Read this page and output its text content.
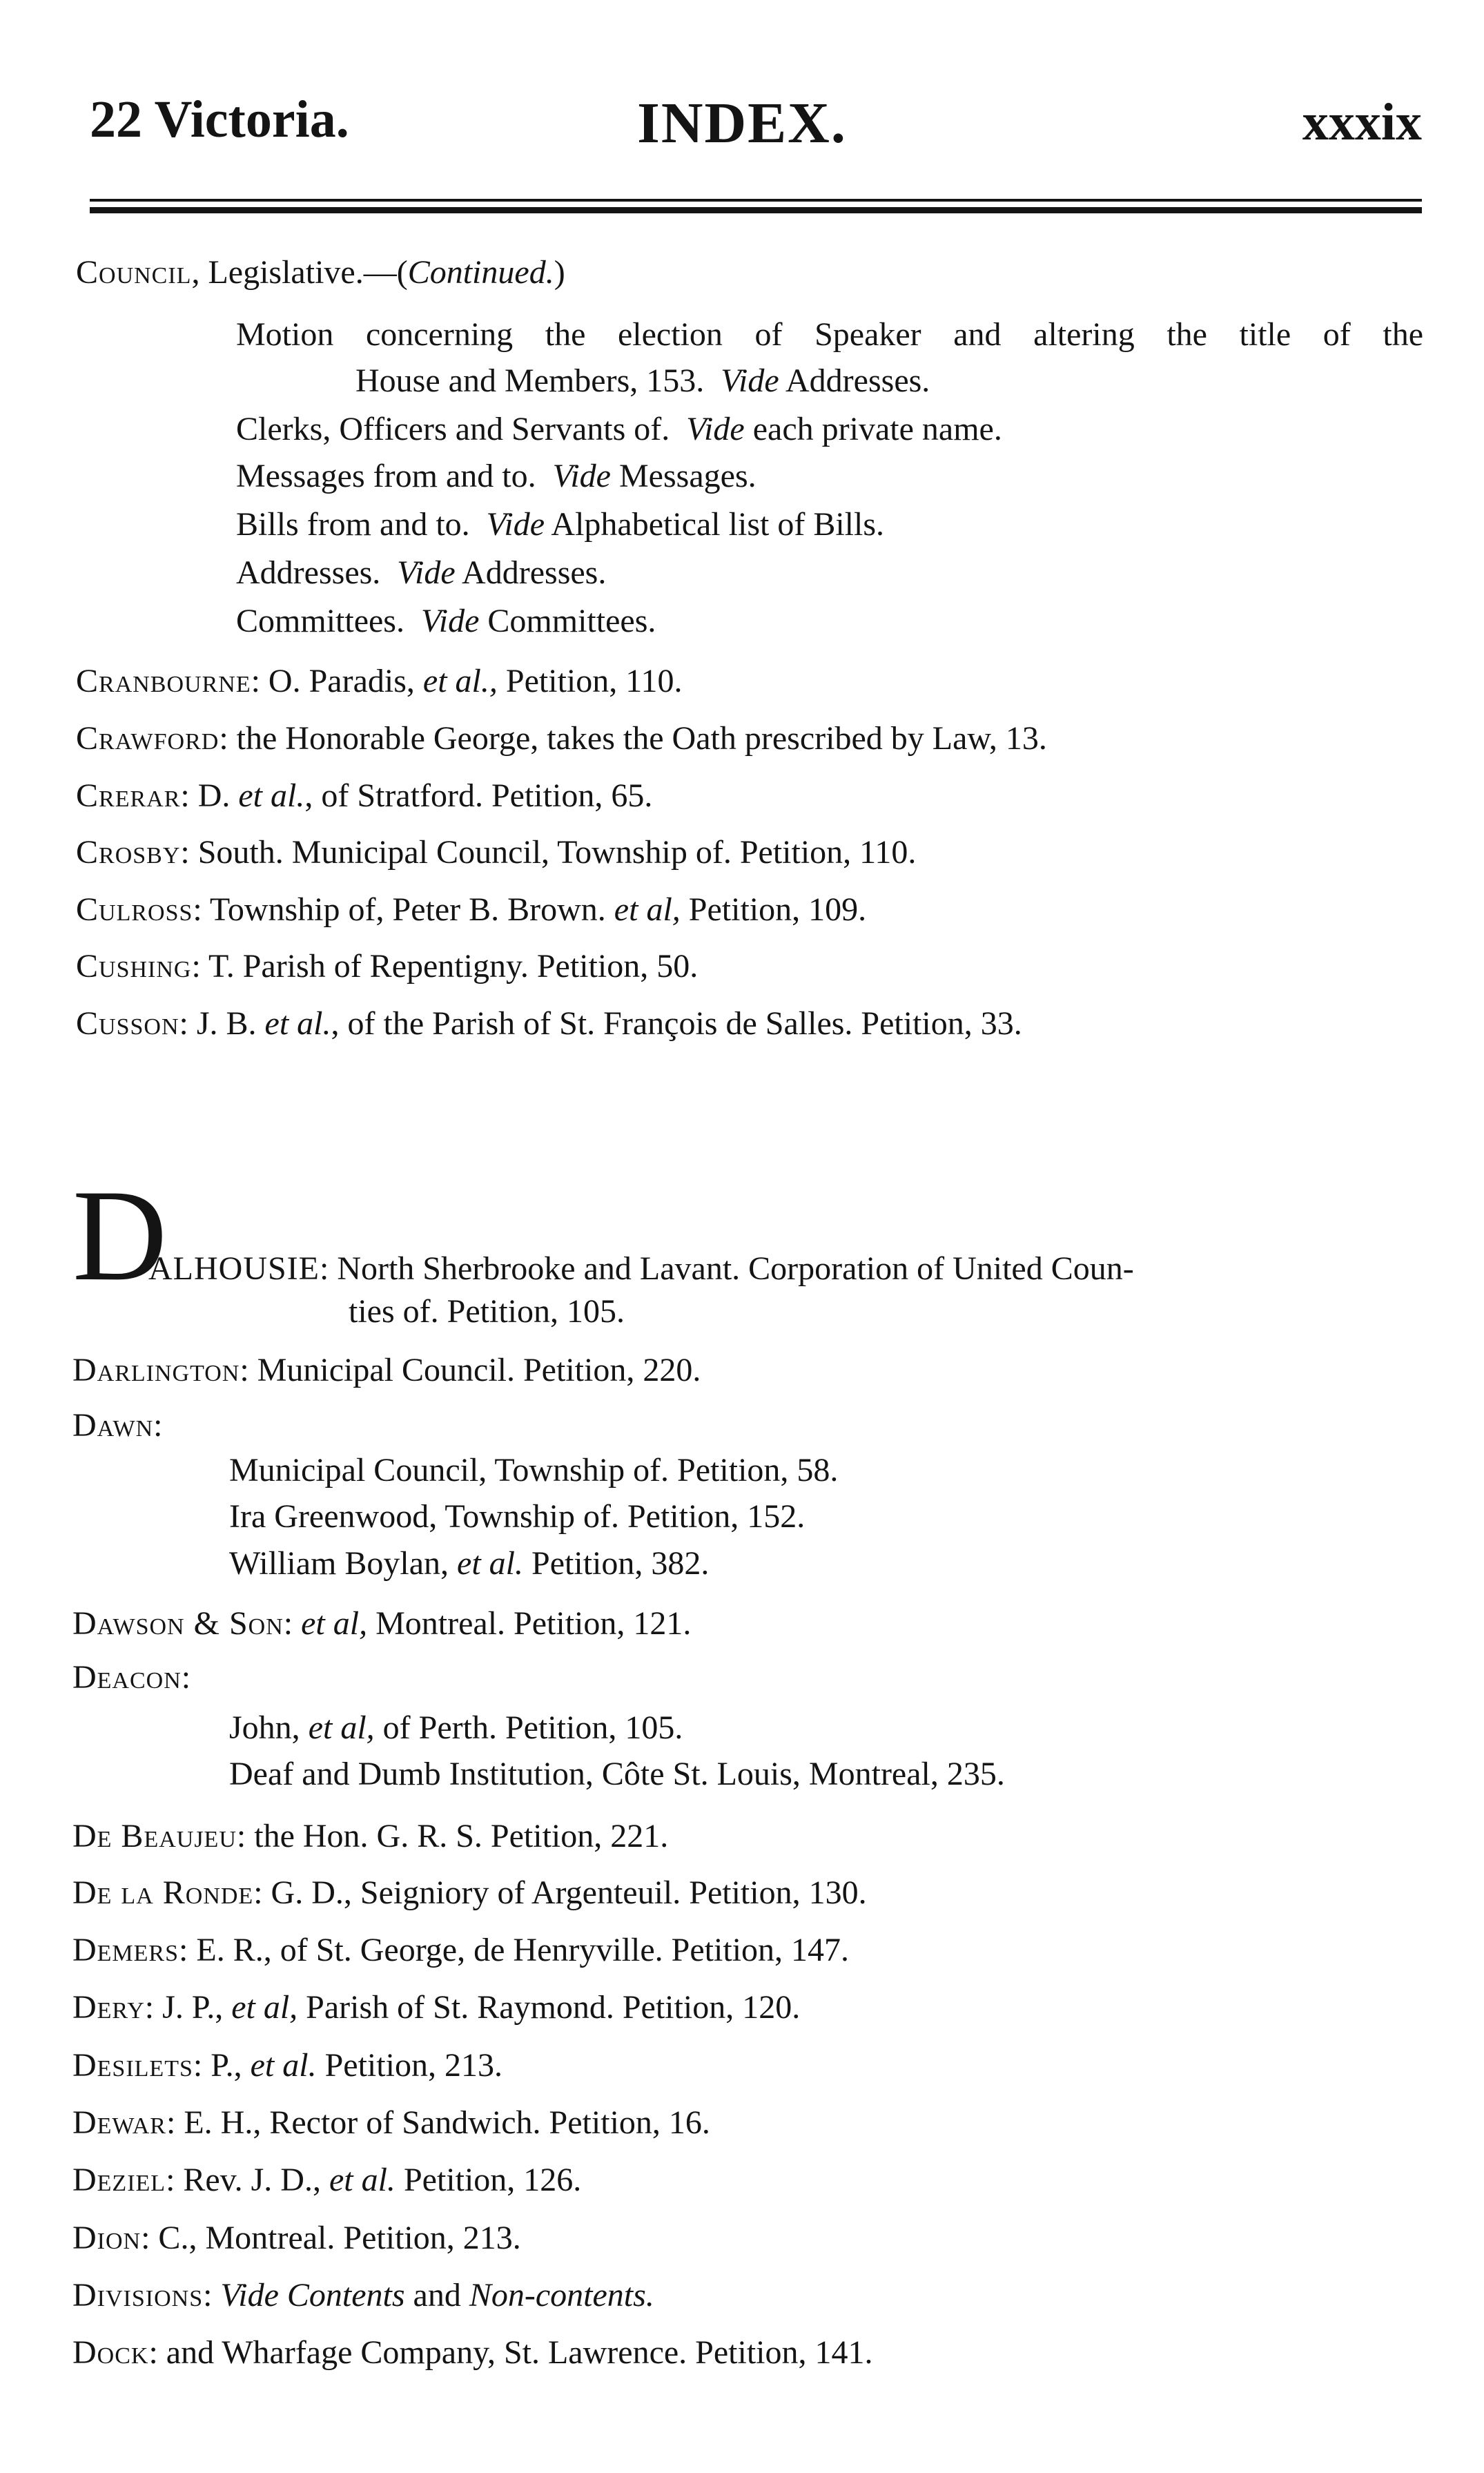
22 Victoria.	INDEX.	xxxix
Council, Legislative.—(Continued.)
Motion concerning the election of Speaker and altering the title of the
House and Members, 153. Vide Addresses.
Clerks, Officers and Servants of. Vide each private name.
Messages from and to. Vide Messages.
Bills from and to. Vide Alphabetical list of Bills.
Addresses. Vide Addresses.
Committees. Vide Committees.
Cranbourne: O. Paradis, et al., Petition, 110.
Crawford: the Honorable George, takes the Oath prescribed by Law, 13.
Crerar: D. et al., of Stratford. Petition, 65.
Crosby: South. Municipal Council, Township of. Petition, 110.
Culross: Township of, Peter B. Brown. et al, Petition, 109.
Cushing: T. Parish of Repentigny. Petition, 50.
Cusson: J. B. et al., of the Parish of St. François de Salles. Petition, 33.
D
ALHOUSIE: North Sherbrooke and Lavant. Corporation of United Coun-
ties of. Petition, 105.
Darlington: Municipal Council. Petition, 220.
Dawn:
Municipal Council, Township of. Petition, 58.
Ira Greenwood, Township of. Petition, 152.
William Boylan, et al. Petition, 382.
Dawson & Son: et al, Montreal. Petition, 121.
Deacon:
John, et al, of Perth. Petition, 105.
Deaf and Dumb Institution, Côte St. Louis, Montreal, 235.
De Beaujeu: the Hon. G. R. S. Petition, 221.
De la Ronde: G. D., Seigniory of Argenteuil. Petition, 130.
Demers: E. R., of St. George, de Henryville. Petition, 147.
Dery: J. P., et al, Parish of St. Raymond. Petition, 120.
Desilets: P., et al. Petition, 213.
Dewar: E. H., Rector of Sandwich. Petition, 16.
Deziel: Rev. J. D., et al. Petition, 126.
Dion: C., Montreal. Petition, 213.
Divisions: Vide Contents and Non-contents.
Dock: and Wharfage Company, St. Lawrence. Petition, 141.
